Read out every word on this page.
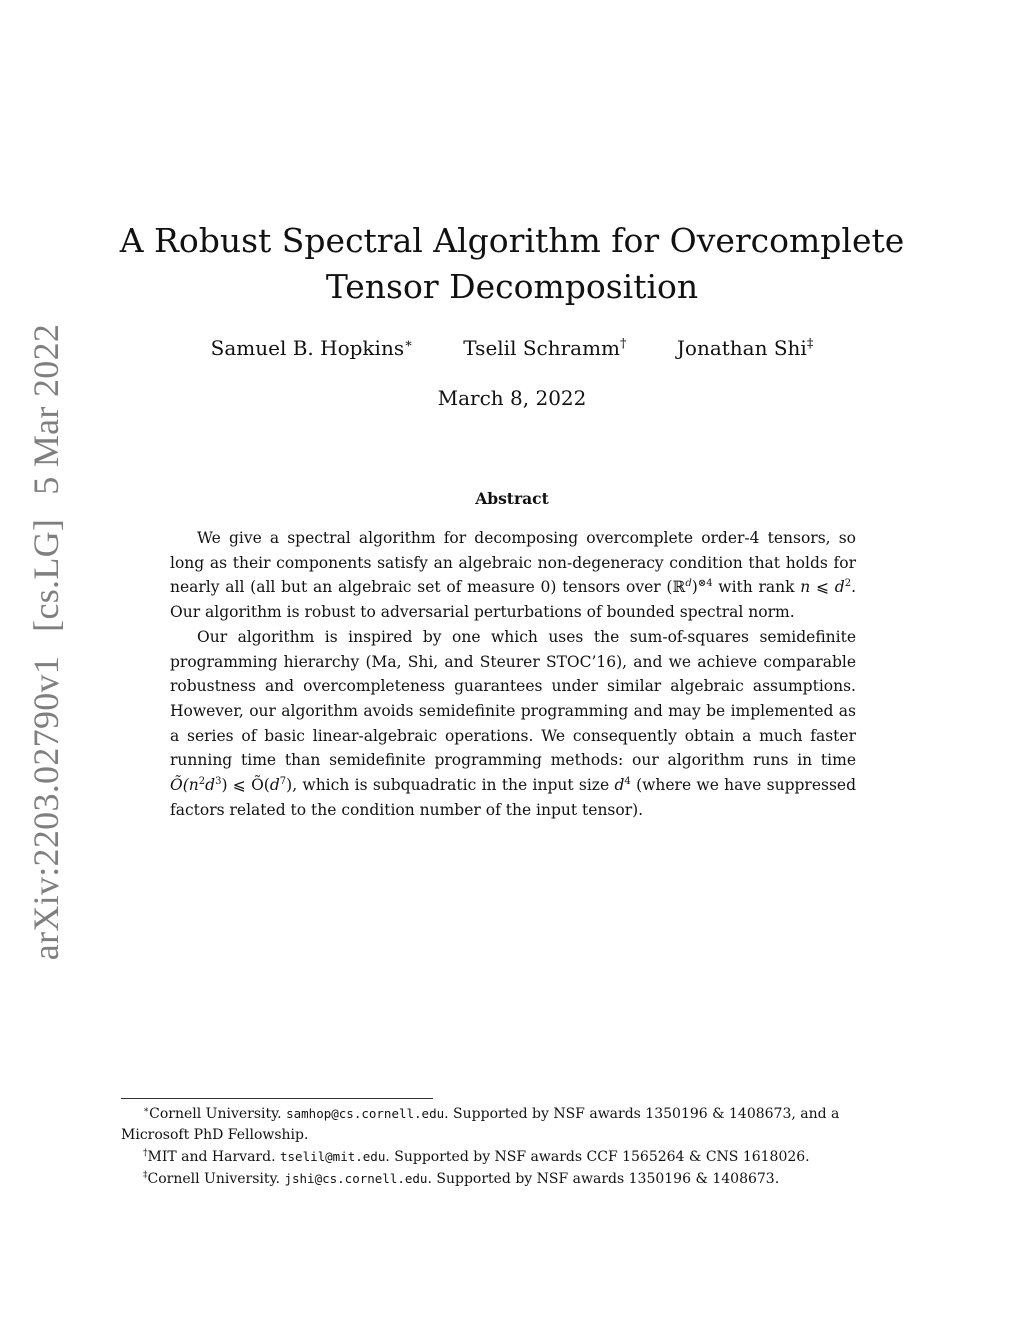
arXiv:2203.02790v1[cs.LG]5 Mar 2022
A Robust Spectral Algorithm for Overcomplete
Tensor Decomposition
Samuel B. Hopkins∗	Tselil Schramm†	Jonathan Shi‡
March 8, 2022
Abstract

We give a spectral algorithm for decomposing overcomplete order-4 tensors, so long as their components satisfy an algebraic non-degeneracy condition that holds for nearly all (all but an algebraic set of measure 0) tensors over (ℝ$^d$)$^{\otimes 4}$ with rank n ⩽ $d^2$. Our algorithm is robust to adversarial perturbations of bounded spectral norm.

Our algorithm is inspired by one which uses the sum-of-squares semidefinite programming hierarchy (Ma, Shi, and Steurer STOC’16), and we achieve comparable robustness and overcompleteness guarantees under similar algebraic assumptions. However, our algorithm avoids semidefinite programming and may be implemented as a series of basic linear-algebraic operations. We consequently obtain a much faster running time than semidefinite programming methods: our algorithm runs in time $Õ(n^2d^3)$ ⩽ $Õ(d^7)$, which is subquadratic in the input size $d^4$ (where we have suppressed factors related to the condition number of the input tensor).

∗Cornell University. samhop@cs.cornell.edu. Supported by NSF awards 1350196 & 1408673, and a Microsoft PhD Fellowship.

†MIT and Harvard. tselil@mit.edu. Supported by NSF awards CCF 1565264 & CNS 1618026.

‡Cornell University. jshi@cs.cornell.edu. Supported by NSF awards 1350196 & 1408673.
